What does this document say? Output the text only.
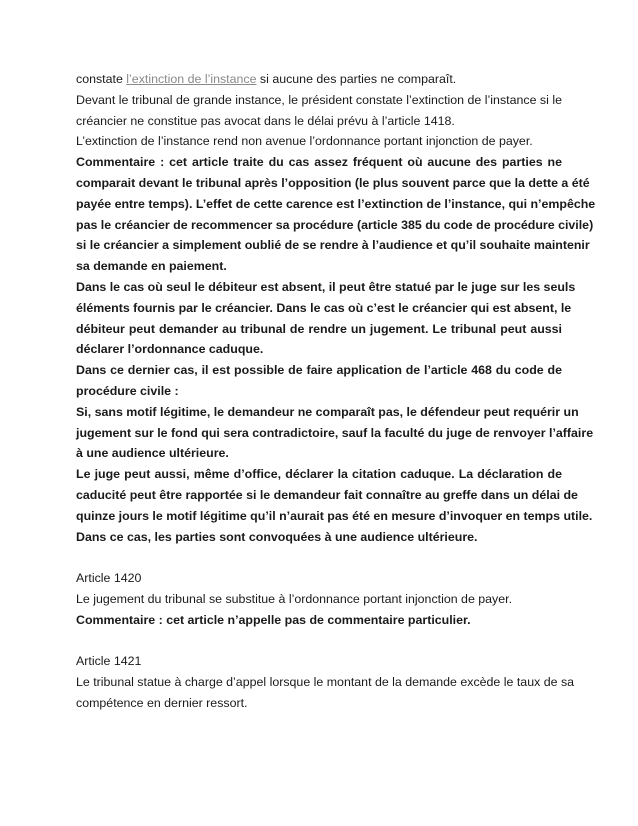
constate l’extinction de l’instance si aucune des parties ne comparaît.
Devant le tribunal de grande instance, le président constate l’extinction de l’instance si le
créancier ne constitue pas avocat dans le délai prévu à l’article 1418.
L’extinction de l’instance rend non avenue l’ordonnance portant injonction de payer.
Commentaire : cet article traite du cas assez fréquent où aucune des parties ne
comparait devant le tribunal après l’opposition (le plus souvent parce que la dette a été
payée entre temps). L’effet de cette carence est l’extinction de l’instance, qui n’empêche
pas le créancier de recommencer sa procédure (article 385 du code de procédure civile)
si le créancier a simplement oublié de se rendre à l’audience et qu’il souhaite maintenir
sa demande en paiement.
Dans le cas où seul le débiteur est absent, il peut être statué par le juge sur les seuls
éléments fournis par le créancier. Dans le cas où c’est le créancier qui est absent, le
débiteur peut demander au tribunal de rendre un jugement. Le tribunal peut aussi
déclarer l’ordonnance caduque.
Dans ce dernier cas, il est possible de faire application de l’article 468 du code de
procédure civile :
Si, sans motif légitime, le demandeur ne comparaît pas, le défendeur peut requérir un
jugement sur le fond qui sera contradictoire, sauf la faculté du juge de renvoyer l’affaire
à une audience ultérieure.
Le juge peut aussi, même d’office, déclarer la citation caduque. La déclaration de
caducité peut être rapportée si le demandeur fait connaître au greffe dans un délai de
quinze jours le motif légitime qu’il n’aurait pas été en mesure d’invoquer en temps utile.
Dans ce cas, les parties sont convoquées à une audience ultérieure.
Article 1420
Le jugement du tribunal se substitue à l’ordonnance portant injonction de payer.
Commentaire : cet article n’appelle pas de commentaire particulier.
Article 1421
Le tribunal statue à charge d’appel lorsque le montant de la demande excède le taux de sa
compétence en dernier ressort.
